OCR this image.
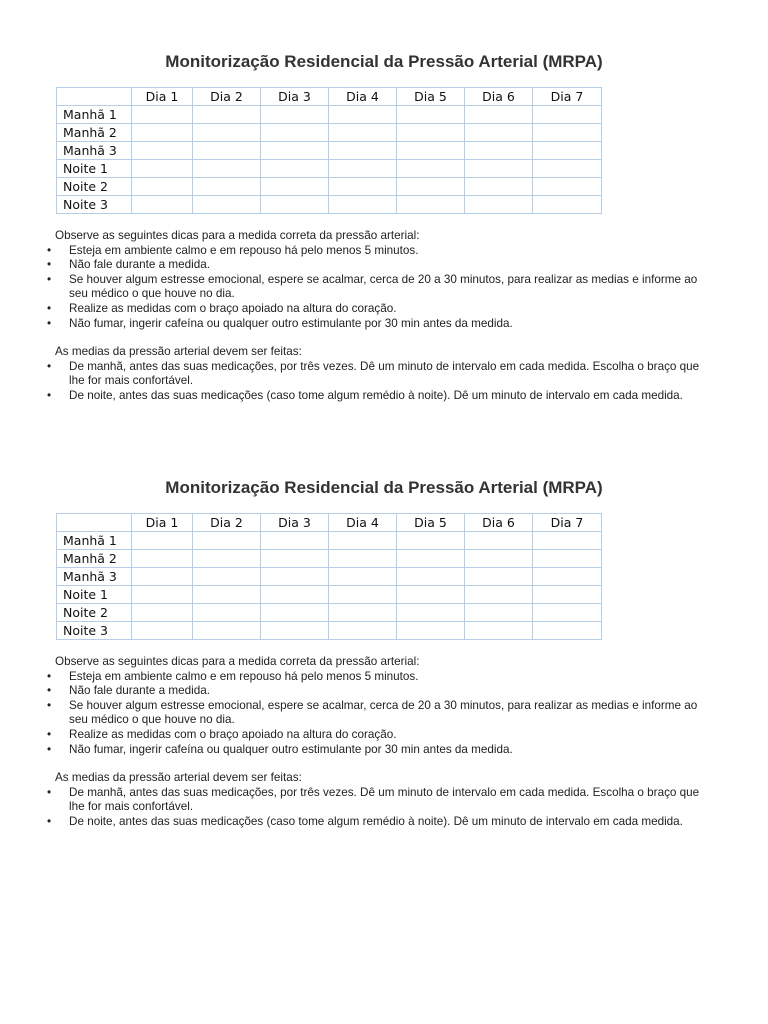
Monitorização Residencial da Pressão Arterial (MRPA)
	Dia 1	Dia 2	Dia 3	Dia 4	Dia 5	Dia 6	Dia 7
Manhã 1							
Manhã 2							
Manhã 3							
Noite 1							
Noite 2							
Noite 3							

Observe as seguintes dicas para a medida correta da pressão arterial:

• Esteja em ambiente calmo e em repouso há pelo menos 5 minutos.
• Não fale durante a medida.
• Se houver algum estresse emocional, espere se acalmar, cerca de 20 a 30 minutos, para realizar as medias e informe ao seu médico o que houve no dia.
• Realize as medidas com o braço apoiado na altura do coração.
• Não fumar, ingerir cafeína ou qualquer outro estimulante por 30 min antes da medida.

As medias da pressão arterial devem ser feitas:

• De manhã, antes das suas medicações, por três vezes. Dê um minuto de intervalo em cada medida. Escolha o braço que lhe for mais confortável.
• De noite, antes das suas medicações (caso tome algum remédio à noite). Dê um minuto de intervalo em cada medida.
Monitorização Residencial da Pressão Arterial (MRPA)
	Dia 1	Dia 2	Dia 3	Dia 4	Dia 5	Dia 6	Dia 7
Manhã 1							
Manhã 2							
Manhã 3							
Noite 1							
Noite 2							
Noite 3							

Observe as seguintes dicas para a medida correta da pressão arterial:

• Esteja em ambiente calmo e em repouso há pelo menos 5 minutos.
• Não fale durante a medida.
• Se houver algum estresse emocional, espere se acalmar, cerca de 20 a 30 minutos, para realizar as medias e informe ao seu médico o que houve no dia.
• Realize as medidas com o braço apoiado na altura do coração.
• Não fumar, ingerir cafeína ou qualquer outro estimulante por 30 min antes da medida.

As medias da pressão arterial devem ser feitas:

• De manhã, antes das suas medicações, por três vezes. Dê um minuto de intervalo em cada medida. Escolha o braço que lhe for mais confortável.
• De noite, antes das suas medicações (caso tome algum remédio à noite). Dê um minuto de intervalo em cada medida.
